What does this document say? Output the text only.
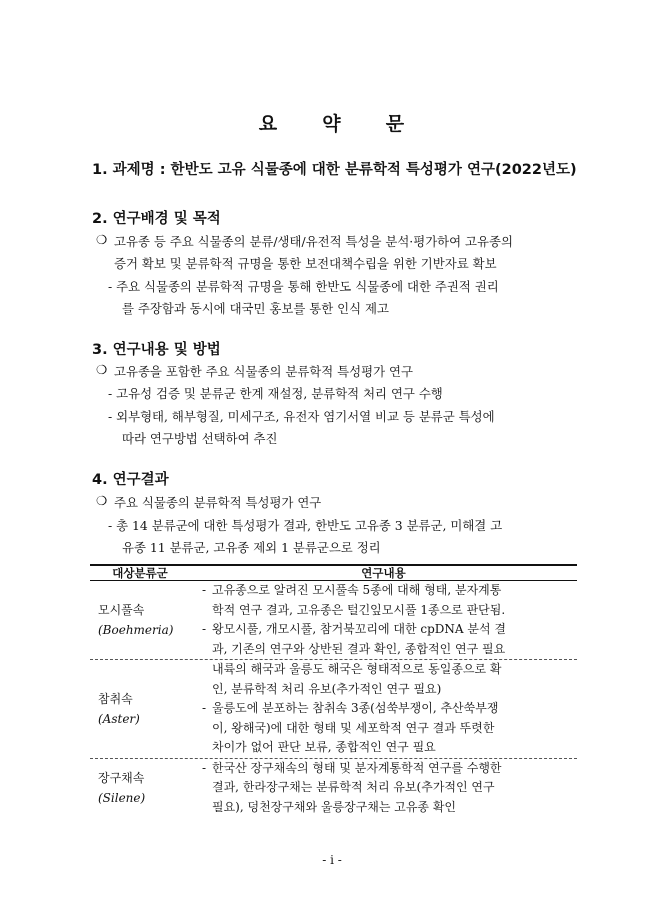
요 약 문
1. 과제명 : 한반도 고유 식물종에 대한 분류학적 특성평가 연구(2022년도)
2. 연구배경 및 목적
❍ 고유종 등 주요 식물종의 분류/생태/유전적 특성을 분석·평가하여 고유종의
증거 확보 및 분류학적 규명을 통한 보전대책수립을 위한 기반자료 확보
- 주요 식물종의 분류학적 규명을 통해 한반도 식물종에 대한 주권적 권리
를 주장함과 동시에 대국민 홍보를 통한 인식 제고
3. 연구내용 및 방법
❍ 고유종을 포함한 주요 식물종의 분류학적 특성평가 연구
- 고유성 검증 및 분류군 한계 재설정, 분류학적 처리 연구 수행
- 외부형태, 해부형질, 미세구조, 유전자 염기서열 비교 등 분류군 특성에
따라 연구방법 선택하여 추진
4. 연구결과
❍ 주요 식물종의 분류학적 특성평가 연구
- 총 14 분류군에 대한 특성평가 결과, 한반도 고유종 3 분류군, 미해결 고
유종 11 분류군, 고유종 제외 1 분류군으로 정리
대상분류군	연구내용
모시풀속
(Boehmeria)
- 고유종으로 알려진 모시풀속 5종에 대해 형태, 분자계통
학적 연구 결과, 고유종은 털긴잎모시풀 1종으로 판단됨.
- 왕모시풀, 개모시풀, 참거북꼬리에 대한 cpDNA 분석 결
과, 기존의 연구와 상반된 결과 확인, 종합적인 연구 필요
참취속
(Aster)
내륙의 해국과 울릉도 해국은 형태적으로 동일종으로 확
인, 분류학적 처리 유보(추가적인 연구 필요)
- 울릉도에 분포하는 참취속 3종(섬쑥부쟁이, 추산쑥부쟁
이, 왕해국)에 대한 형태 및 세포학적 연구 결과 뚜렷한
차이가 없어 판단 보류, 종합적인 연구 필요
장구채속
(Silene)
- 한국산 장구채속의 형태 및 분자계통학적 연구를 수행한
결과, 한라장구채는 분류학적 처리 유보(추가적인 연구
필요), 덩천장구채와 울릉장구채는 고유종 확인
- i -
